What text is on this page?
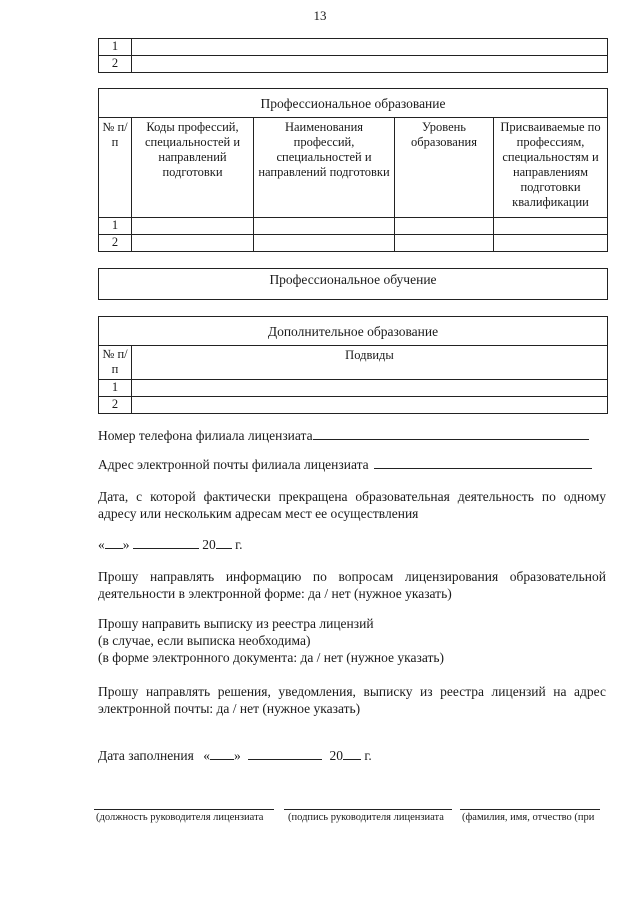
13
1	
2	
Профессиональное образование				
№ п/п	Коды профессий, специальностей и направлений подготовки	Наименования профессий, специальностей и направлений подготовки	Уровень образования	Присваиваемые по профессиям, специальностям и направлениям подготовки квалификации
1				
2				
Профессиональное обучение
Дополнительное образование	
№ п/п	Подвиды
1	
2	
Номер телефона филиала лицензиата
Адрес электронной почты филиала лицензиата
Дата, с которой фактически прекращена образовательная деятельность по одному адресу или нескольким адресам мест ее осуществления
« »	20 г.
Прошу направлять информацию по вопросам лицензирования образовательной деятельности в электронной форме: да / нет (нужное указать)
Прошу направить выписку из реестра лицензий
(в случае, если выписка необходима)
(в форме электронного документа: да / нет (нужное указать)
Прошу направлять решения, уведомления, выписку из реестра лицензий на адрес электронной почты: да / нет (нужное указать)
Дата заполнения « »	20 г.
(должность руководителя лицензиата (подпись руководителя лицензиата (фамилия, имя, отчество (при
